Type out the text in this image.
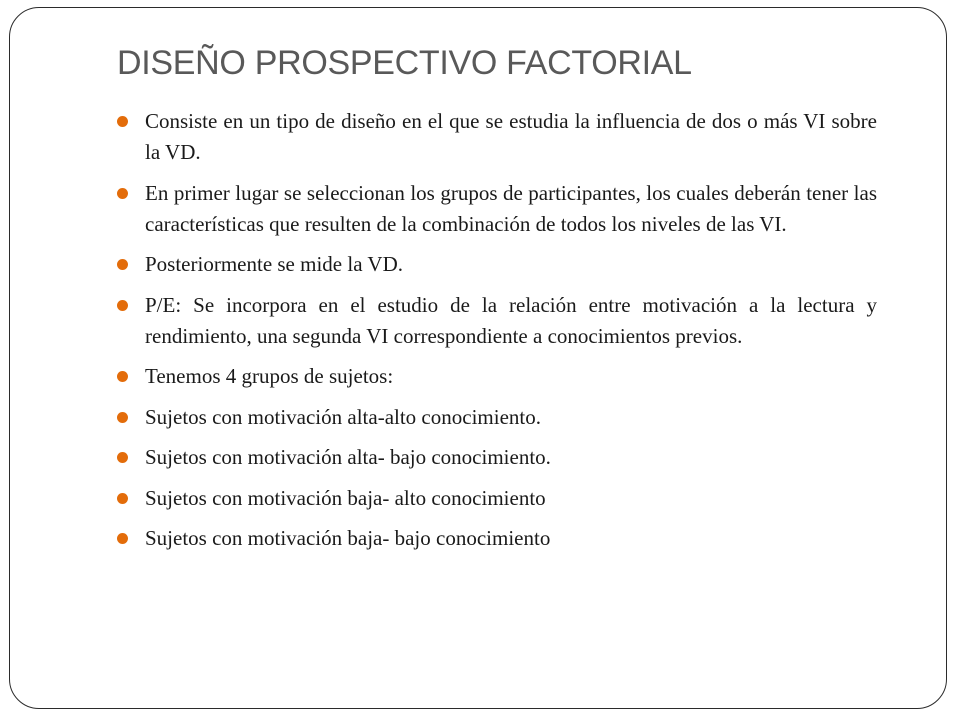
DISEÑO PROSPECTIVO FACTORIAL
Consiste en un tipo de diseño en el que se estudia la influencia de dos o más VI sobre la VD.
En primer lugar se seleccionan los grupos de participantes, los cuales deberán tener las características que resulten de la combinación de todos los niveles de las VI.
Posteriormente se mide la VD.
P/E: Se incorpora en el estudio de la relación entre motivación a la lectura y rendimiento, una segunda VI correspondiente a conocimientos previos.
Tenemos 4 grupos de sujetos:
Sujetos con motivación alta-alto conocimiento.
Sujetos con motivación alta- bajo conocimiento.
Sujetos con motivación baja- alto conocimiento
Sujetos con motivación baja- bajo conocimiento
